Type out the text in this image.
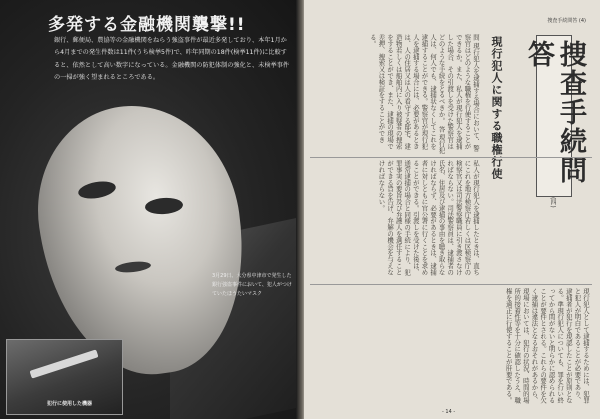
多発する金融機関襲撃!!
銀行、郵便局、農協等の金融機関をねらう強盗事件が最近多発しており、本年1月から4月までの発生件数は11件(うち検挙5件)で、昨年同期の18件(検挙11件)に比較すると、依然として高い数字になっている。金融機関の防犯体制の強化と、未検挙事件の一掃が強く望まれるところである。
3月29日、大分県中津市で発生した銀行強盗事件において、犯人がつけていたほうたいマスク
犯行に使用した機器
捜査手続問答 (4)
捜査手続問答
(四)
現行犯人に関する職権行使
問 現行犯人を逮捕する場合において、警察官はどのような職権を行使することができるか。また、私人が現行犯人を逮捕した場合、その引渡しを受けた警察官はどのような手続をとるべきか。 答 現行犯人は、何人でも、逮捕状なくしてこれを逮捕することができる。警察官が現行犯人を逮捕する場合には、必要があるときは、人の住居又は人の看守する邸宅、建造物若しくは船舶内に入り被疑者の捜索をすることができ、また、逮捕の現場で差押、捜索又は検証をすることができる。
私人が現行犯人を逮捕したときは、直ちにこれを地方検察庁若しくは区検察庁の検察官又は司法警察職員に引き渡さなければならない。司法警察員は、逮捕者の氏名、住居及び逮捕の事由を聴き取らなければならず、必要があるときは、逮捕者に対しともに官公署に行くことを求めることができる。引渡しを受けた後は、通常逮捕の場合と同様の手続により、犯罪事実の要旨及び弁護人を選任することができる旨を告げ、弁解の機会を与えなければならない。
現行犯人として逮捕するためには、犯罪と犯人が明白であることが必要であり、逮捕者が犯行を現認したことが原則となる。準現行犯人についても、罪を行い終ってから間がないと明らかに認められることが要件とされる。これらの要件を欠く逮捕は違法となるおそれがあるから、現場においては、犯行の状況、時間的場所的接着性等を十分に確認したうえ、職権を適正に行使することが肝要である。
- 14 -
